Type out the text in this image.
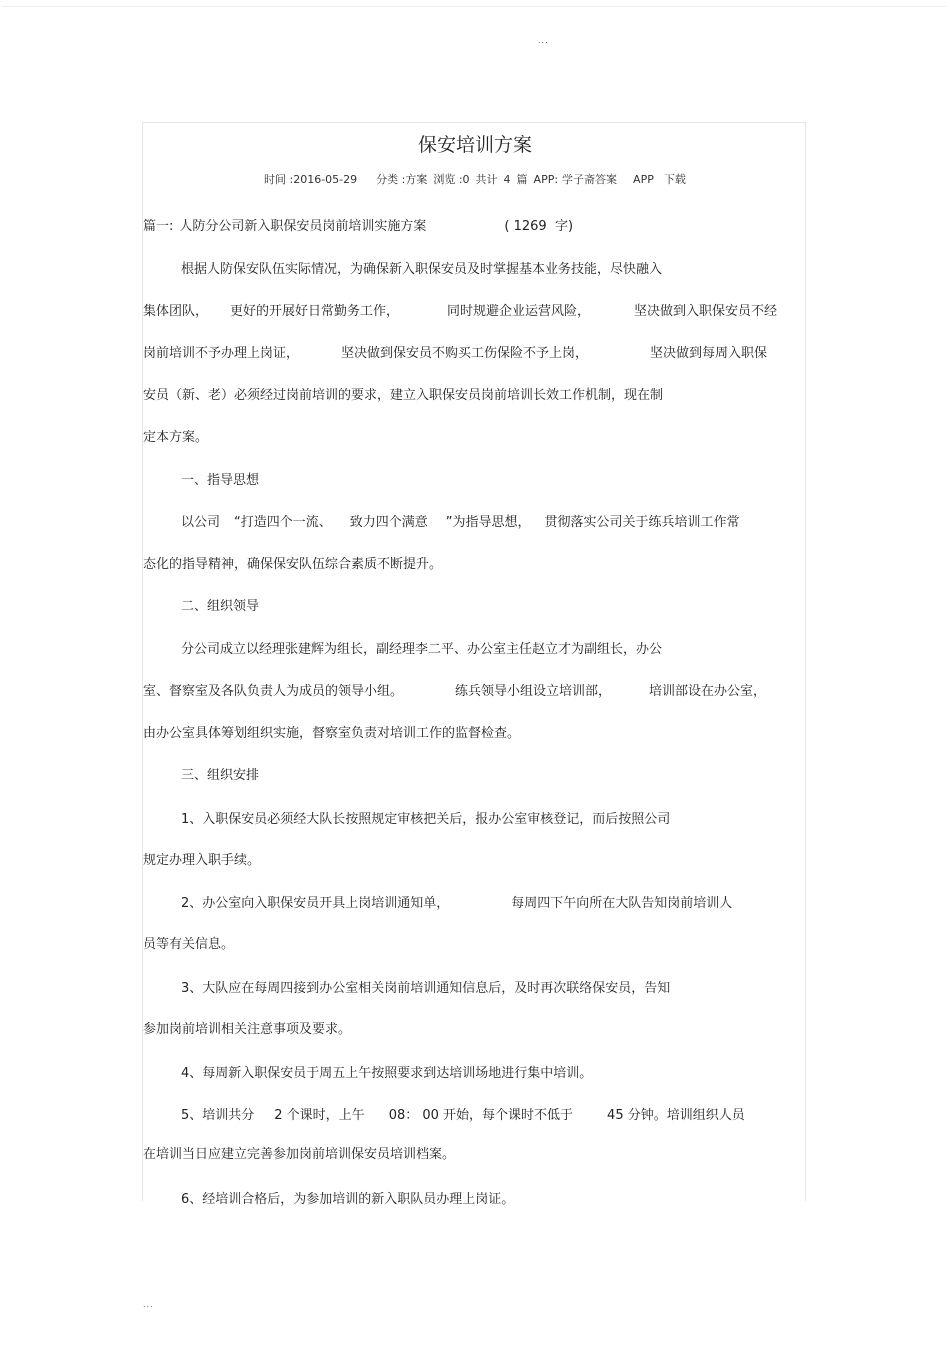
...
保安培训方案
时间 :2016-05-29 分类 :方案 浏览 :0 共计 4 篇 APP: 学子斋答案 APP 下载
篇一: 人防分公司新入职保安员岗前培训实施方案	( 1269  字)
根据人防保安队伍实际情况，为确保新入职保安员及时掌握基本业务技能，尽快融入
集体团队， 更好的开展好日常勤务工作，	同时规避企业运营风险，	坚决做到入职保安员不经
岗前培训不予办理上岗证，	坚决做到保安员不购买工伤保险不予上岗，	坚决做到每周入职保
安员（新、老）必须经过岗前培训的要求，建立入职保安员岗前培训长效工作机制，现在制
定本方案。
一、指导思想
以公司 “打造四个一流、 致力四个满意 ”为指导思想， 贯彻落实公司关于练兵培训工作常
态化的指导精神，确保保安队伍综合素质不断提升。
二、组织领导
分公司成立以经理张建辉为组长，副经理李二平、办公室主任赵立才为副组长，办公
室、督察室及各队负责人为成员的领导小组。	练兵领导小组设立培训部，	培训部设在办公室，
由办公室具体筹划组织实施，督察室负责对培训工作的监督检查。
三、组织安排
1、入职保安员必须经大队长按照规定审核把关后，报办公室审核登记，而后按照公司
规定办理入职手续。
2、办公室向入职保安员开具上岗培训通知单，	每周四下午向所在大队告知岗前培训人
员等有关信息。
3、大队应在每周四接到办公室相关岗前培训通知信息后，及时再次联络保安员，告知
参加岗前培训相关注意事项及要求。
4、每周新入职保安员于周五上午按照要求到达培训场地进行集中培训。
5、培训共分 2 个课时，上午 08： 00 开始，每个课时不低于	45 分钟。培训组织人员
在培训当日应建立完善参加岗前培训保安员培训档案。
6、经培训合格后，为参加培训的新入职队员办理上岗证。
...
